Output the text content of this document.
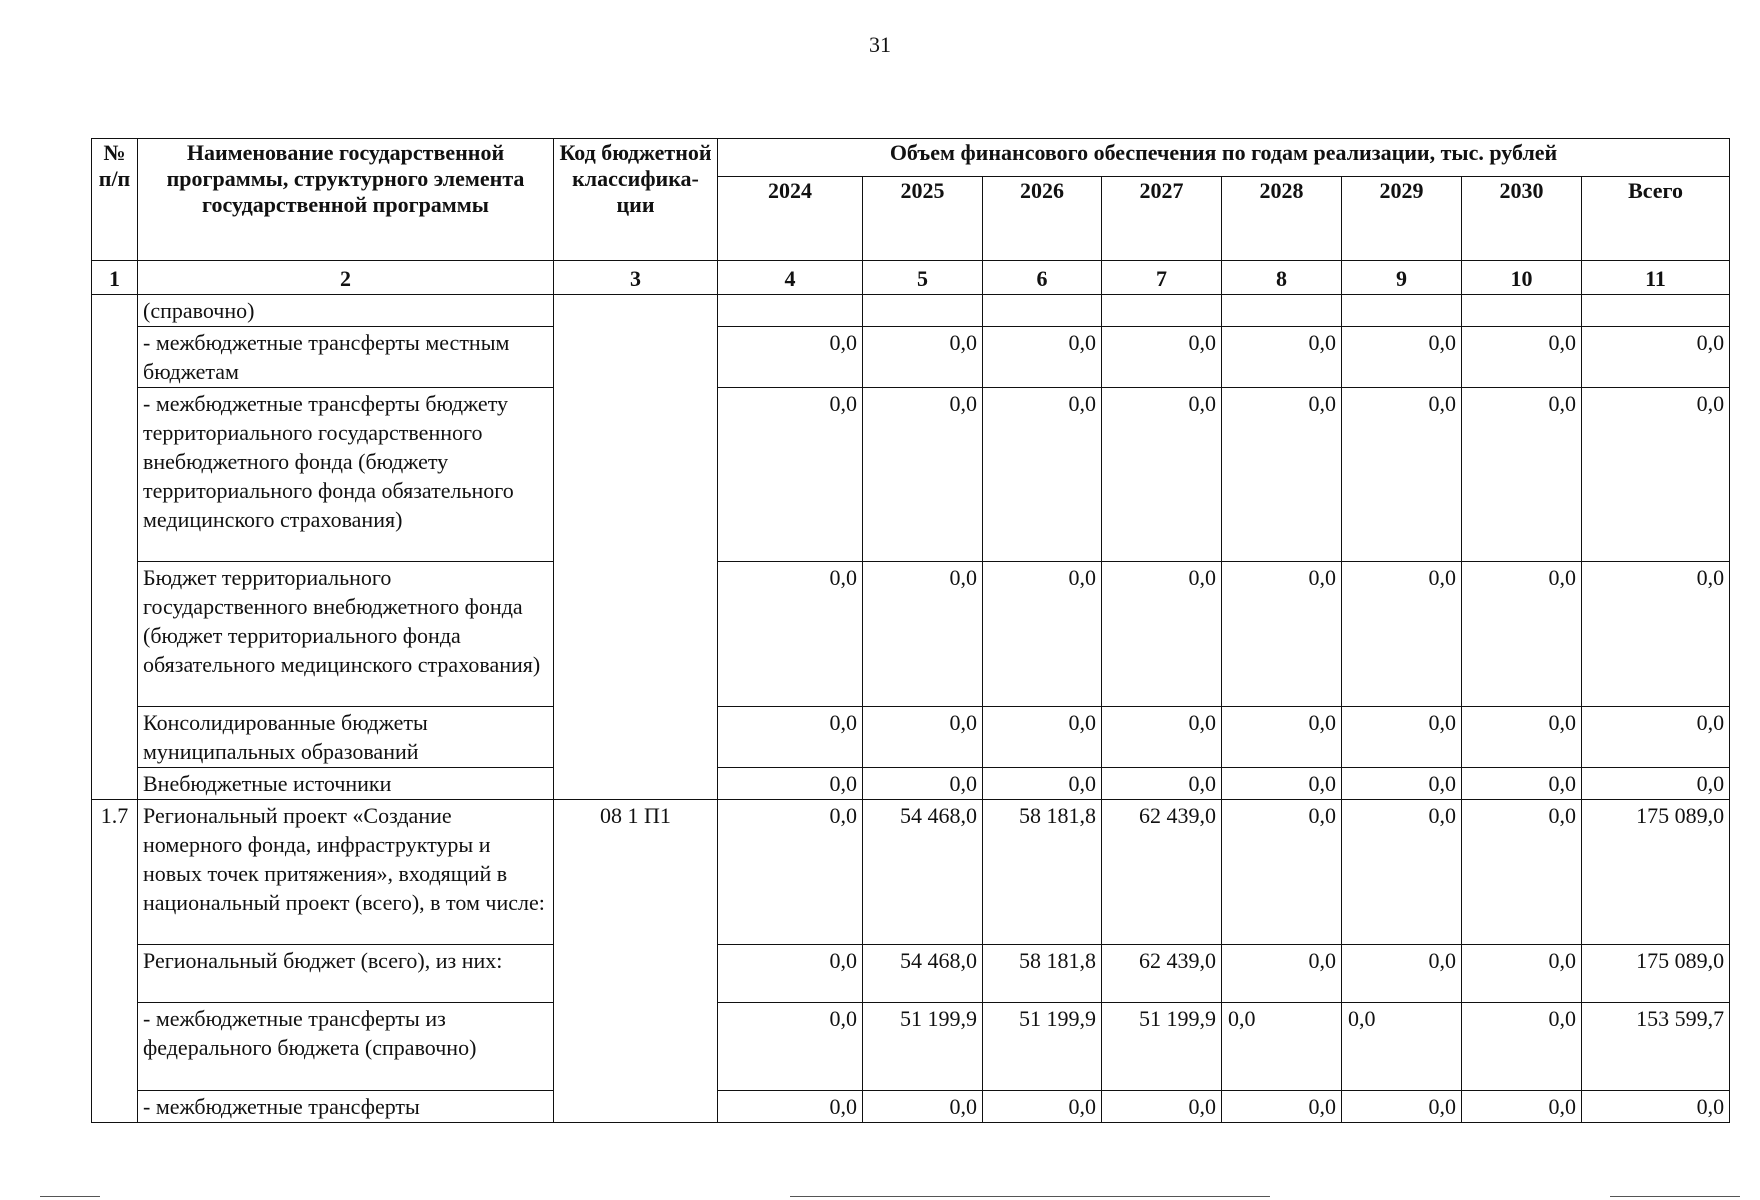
31
№ п/п	Наименование государственной программы, структурного элемента государственной программы	Код бюджетной классифика-ции	Объем финансового обеспечения по годам реализации, тыс. рублей							
			2024	2025	2026	2027	2028	2029	2030	Всего
1	2	3	4	5	6	7	8	9	10	11
	(справочно)									
	- межбюджетные трансферты местным бюджетам		0,0	0,0	0,0	0,0	0,0	0,0	0,0	0,0
	- межбюджетные трансферты бюджету территориального государственного внебюджетного фонда (бюджету территориального фонда обязательного медицинского страхования)		0,0	0,0	0,0	0,0	0,0	0,0	0,0	0,0
	Бюджет территориального государственного внебюджетного фонда (бюджет территориального фонда обязательного медицинского страхования)		0,0	0,0	0,0	0,0	0,0	0,0	0,0	0,0
	Консолидированные бюджеты муниципальных образований		0,0	0,0	0,0	0,0	0,0	0,0	0,0	0,0
	Внебюджетные источники		0,0	0,0	0,0	0,0	0,0	0,0	0,0	0,0
1.7	Региональный проект «Создание номерного фонда, инфраструктуры и новых точек притяжения», входящий в национальный проект (всего), в том числе:	08 1 П1	0,0	54 468,0	58 181,8	62 439,0	0,0	0,0	0,0	175 089,0
	Региональный бюджет (всего), из них:		0,0	54 468,0	58 181,8	62 439,0	0,0	0,0	0,0	175 089,0
	- межбюджетные трансферты из федерального бюджета (справочно)		0,0	51 199,9	51 199,9	51 199,9	0,0	0,0	0,0	153 599,7
	- межбюджетные трансферты		0,0	0,0	0,0	0,0	0,0	0,0	0,0	0,0
